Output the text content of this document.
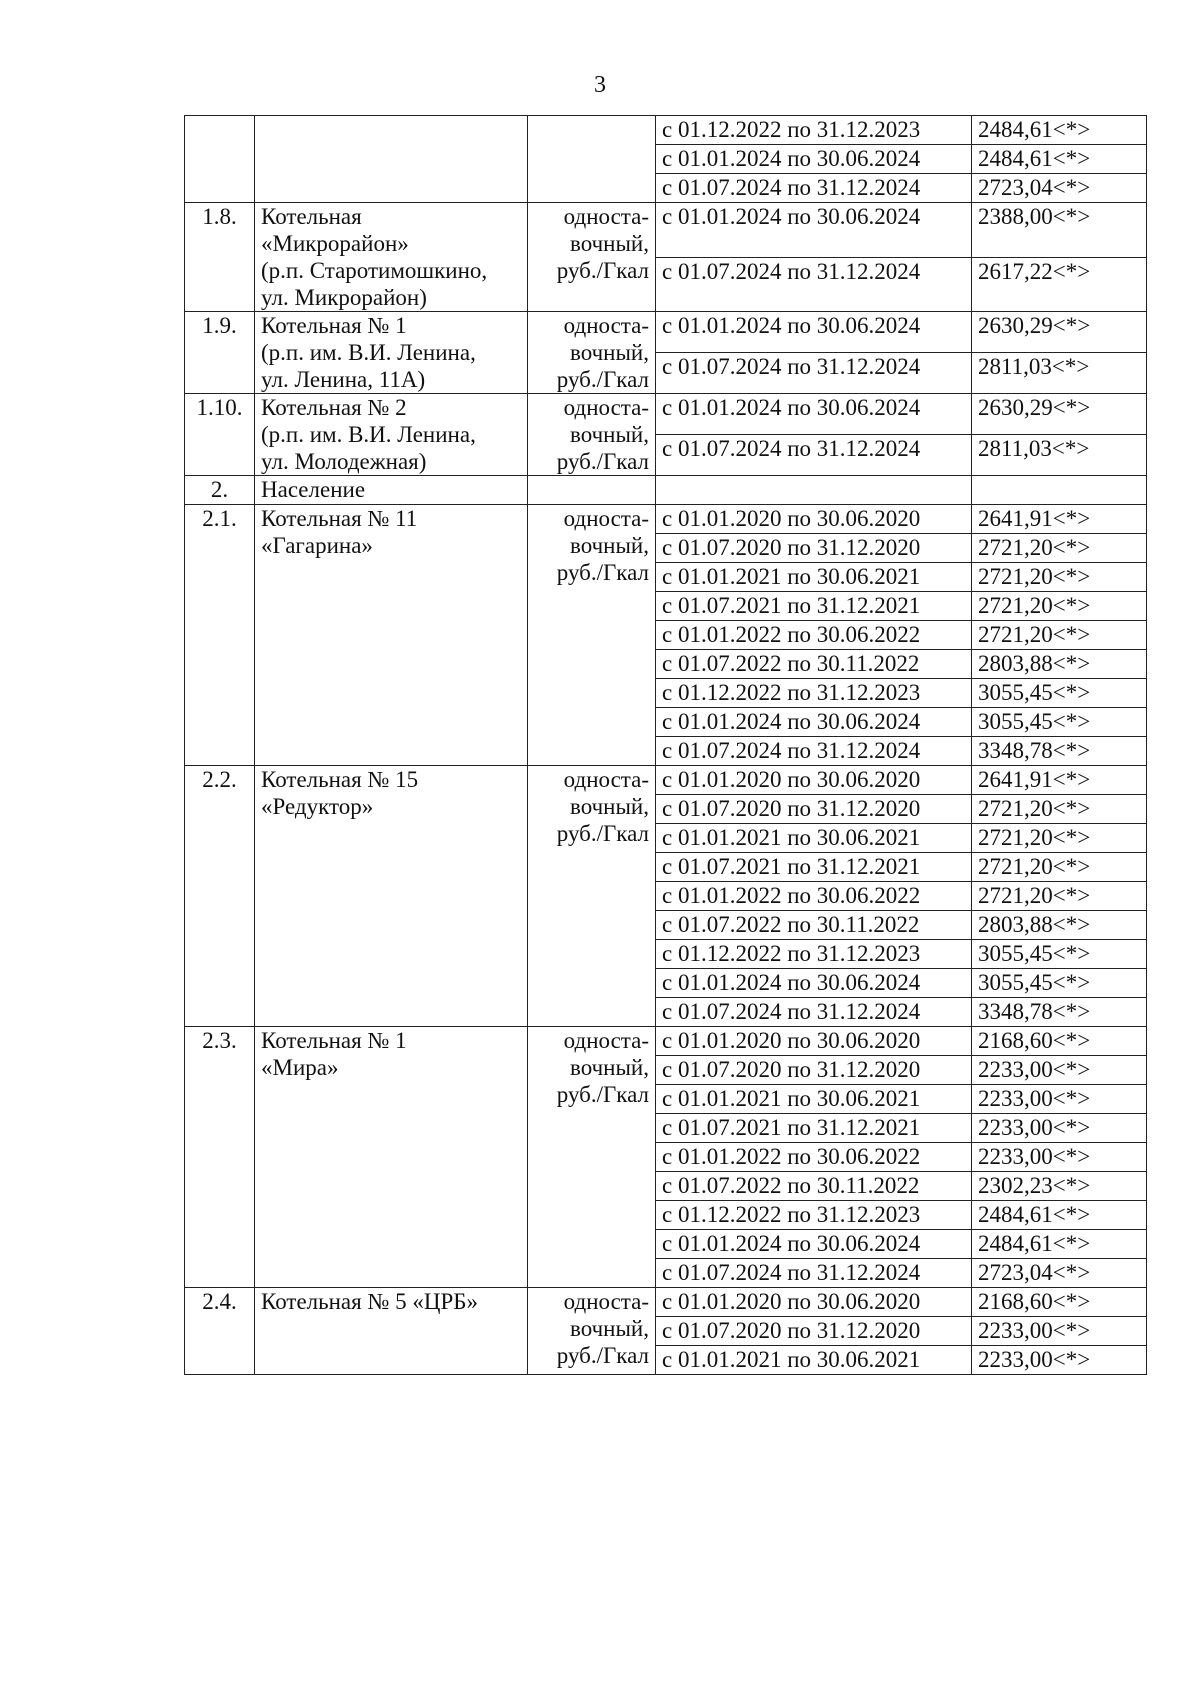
3
			с 01.12.2022 по 31.12.2023	2484,61<*>
			с 01.01.2024 по 30.06.2024	2484,61<*>
			с 01.07.2024 по 31.12.2024	2723,04<*>
1.8.	Котельная
«Микрорайон»
(р.п. Старотимошкино,
ул. Микрорайон)	односта-
вочный,
руб./Гкал	с 01.01.2024 по 30.06.2024	2388,00<*>
			с 01.07.2024 по 31.12.2024	2617,22<*>
1.9.	Котельная № 1
(р.п. им. В.И. Ленина,
ул. Ленина, 11А)	односта-
вочный,
руб./Гкал	с 01.01.2024 по 30.06.2024	2630,29<*>
			с 01.07.2024 по 31.12.2024	2811,03<*>
1.10.	Котельная № 2
(р.п. им. В.И. Ленина,
ул. Молодежная)	односта-
вочный,
руб./Гкал	с 01.01.2024 по 30.06.2024	2630,29<*>
			с 01.07.2024 по 31.12.2024	2811,03<*>
2.	Население			
2.1.	Котельная № 11
«Гагарина»	односта-
вочный,
руб./Гкал	с 01.01.2020 по 30.06.2020	2641,91<*>
			с 01.07.2020 по 31.12.2020	2721,20<*>
			с 01.01.2021 по 30.06.2021	2721,20<*>
			с 01.07.2021 по 31.12.2021	2721,20<*>
			с 01.01.2022 по 30.06.2022	2721,20<*>
			с 01.07.2022 по 30.11.2022	2803,88<*>
			с 01.12.2022 по 31.12.2023	3055,45<*>
			с 01.01.2024 по 30.06.2024	3055,45<*>
			с 01.07.2024 по 31.12.2024	3348,78<*>
2.2.	Котельная № 15
«Редуктор»	односта-
вочный,
руб./Гкал	с 01.01.2020 по 30.06.2020	2641,91<*>
			с 01.07.2020 по 31.12.2020	2721,20<*>
			с 01.01.2021 по 30.06.2021	2721,20<*>
			с 01.07.2021 по 31.12.2021	2721,20<*>
			с 01.01.2022 по 30.06.2022	2721,20<*>
			с 01.07.2022 по 30.11.2022	2803,88<*>
			с 01.12.2022 по 31.12.2023	3055,45<*>
			с 01.01.2024 по 30.06.2024	3055,45<*>
			с 01.07.2024 по 31.12.2024	3348,78<*>
2.3.	Котельная № 1
«Мира»	односта-
вочный,
руб./Гкал	с 01.01.2020 по 30.06.2020	2168,60<*>
			с 01.07.2020 по 31.12.2020	2233,00<*>
			с 01.01.2021 по 30.06.2021	2233,00<*>
			с 01.07.2021 по 31.12.2021	2233,00<*>
			с 01.01.2022 по 30.06.2022	2233,00<*>
			с 01.07.2022 по 30.11.2022	2302,23<*>
			с 01.12.2022 по 31.12.2023	2484,61<*>
			с 01.01.2024 по 30.06.2024	2484,61<*>
			с 01.07.2024 по 31.12.2024	2723,04<*>
2.4.	Котельная № 5 «ЦРБ»	односта-
вочный,
руб./Гкал	с 01.01.2020 по 30.06.2020	2168,60<*>
			с 01.07.2020 по 31.12.2020	2233,00<*>
			с 01.01.2021 по 30.06.2021	2233,00<*>
